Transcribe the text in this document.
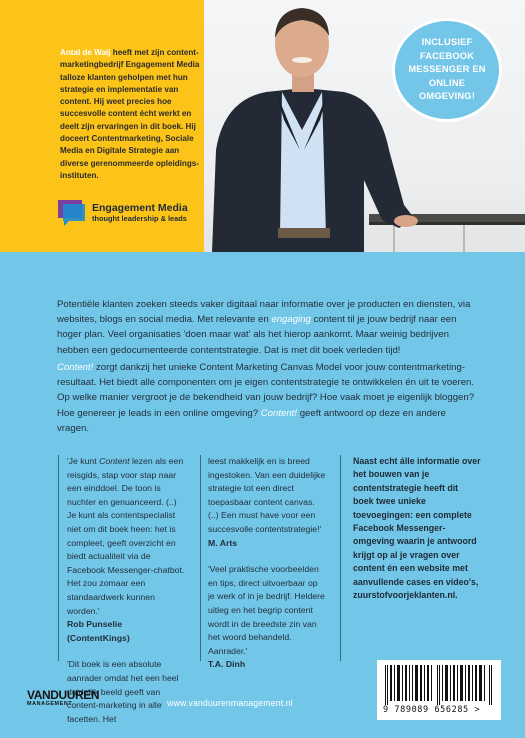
Antal de Waij heeft met zijn content-marketingbedrijf Engagement Media talloze klanten geholpen met hun strategie en implementatie van content. Hij weet precies hoe succesvolle content écht werkt en deelt zijn ervaringen in dit boek. Hij doceert Contentmarketing, Sociale Media en Digitale Strategie aan diverse gerenommeerde opleidings-instituten.
Engagement Media
thought leadership & leads
INCLUSIEF FACEBOOK MESSENGER EN ONLINE OMGEVING!

Potentiële klanten zoeken steeds vaker digitaal naar informatie over je producten en diensten, via websites, blogs en social media. Met relevante en engaging content til je jouw bedrijf naar een hoger plan. Veel organisaties 'doen maar wat' als het hierop aankomt. Maar weinig bedrijven hebben een gedocumenteerde contentstrategie. Dat is met dit boek verleden tijd!

Content! zorgt dankzij het unieke Content Marketing Canvas Model voor jouw contentmarketing-resultaat. Het biedt alle componenten om je eigen contentstrategie te ontwikkelen én uit te voeren. Op welke manier vergroot je de bekendheid van jouw bedrijf? Hoe vaak moet je eigenlijk bloggen? Hoe genereer je leads in een online omgeving? Content! geeft antwoord op deze en andere vragen.

'Je kunt Content lezen als een reisgids, stap voor stap naar een einddoel. De toon is nuchter en genuanceerd. (..) Je kunt als contentspecialist niet om dit boek heen: het is compleet, geeft overzicht en biedt actualiteit via de Facebook Messenger-chatbot. Het zou zomaar een standaardwerk kunnen worden.'
Rob Punselie (ContentKings)
'Dit boek is een absolute aanrader omdat het een heel duidelijk beeld geeft van content-marketing in alle facetten. Het
leest makkelijk en is breed ingestoken. Van een duidelijke strategie tot een direct toepasbaar content canvas. (..) Een must have voor een succesvolle contentstrategie!'
M. Arts
'Veel praktische voorbeelden en tips, direct uitvoerbaar op je werk of in je bedrijf. Heldere uitleg en het begrip content wordt in de breedste zin van het woord behandeld. Aanrader.'
T.A. Dinh
Naast echt álle informatie over het bouwen van je contentstrategie heeft dit boek twee unieke toevoegingen: een complete Facebook Messenger-omgeving waarin je antwoord krijgt op al je vragen over content én een website met aanvullende cases en video's, zuurstofvoorjeklanten.nl.
VANDUUREN
MANAGEMENT	www.vanduurenmanagement.nl
9 789089 656285 >
